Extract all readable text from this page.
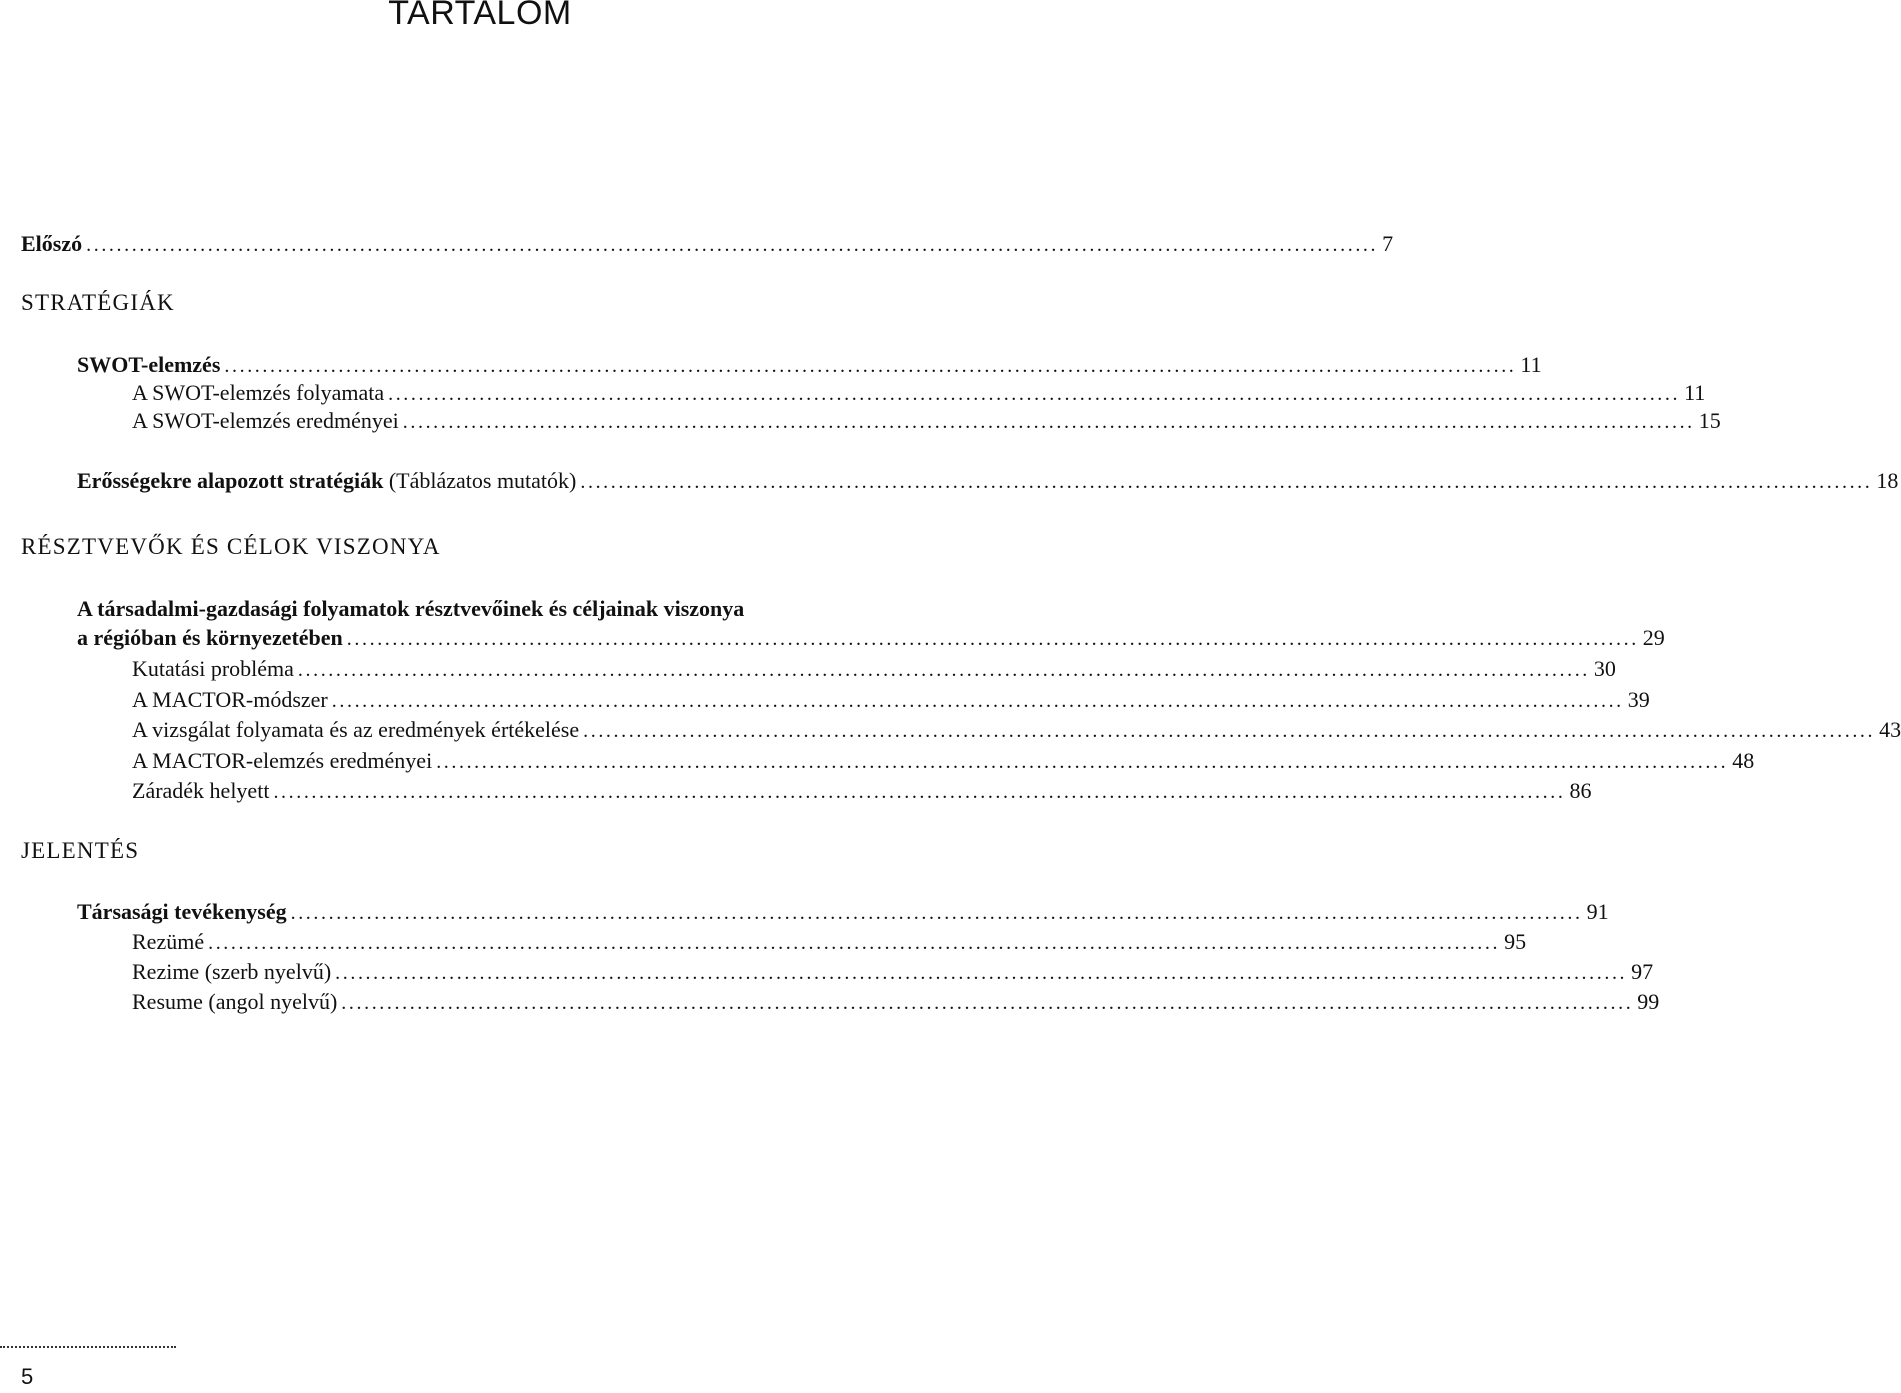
TARTALOM
Előszó .......................................................................................................................................................................... 7
STRATÉGIÁK
SWOT-elemzés .......................................................................................................................................................................... 11
A SWOT-elemzés folyamata .......................................................................................................................................................................... 11
A SWOT-elemzés eredményei .......................................................................................................................................................................... 15
Erősségekre alapozott stratégiák (Táblázatos mutatók) .......................................................................................................................................................................... 18
RÉSZTVEVŐK ÉS CÉLOK VISZONYA
A társadalmi-gazdasági folyamatok résztvevőinek és céljainak viszonya
a régióban és környezetében .......................................................................................................................................................................... 29
Kutatási probléma .......................................................................................................................................................................... 30
A MACTOR-módszer .......................................................................................................................................................................... 39
A vizsgálat folyamata és az eredmények értékelése .......................................................................................................................................................................... 43
A MACTOR-elemzés eredményei .......................................................................................................................................................................... 48
Záradék helyett .......................................................................................................................................................................... 86
JELENTÉS
Társasági tevékenység .......................................................................................................................................................................... 91
Rezümé .......................................................................................................................................................................... 95
Rezime (szerb nyelvű) .......................................................................................................................................................................... 97
Resume (angol nyelvű) .......................................................................................................................................................................... 99
5
